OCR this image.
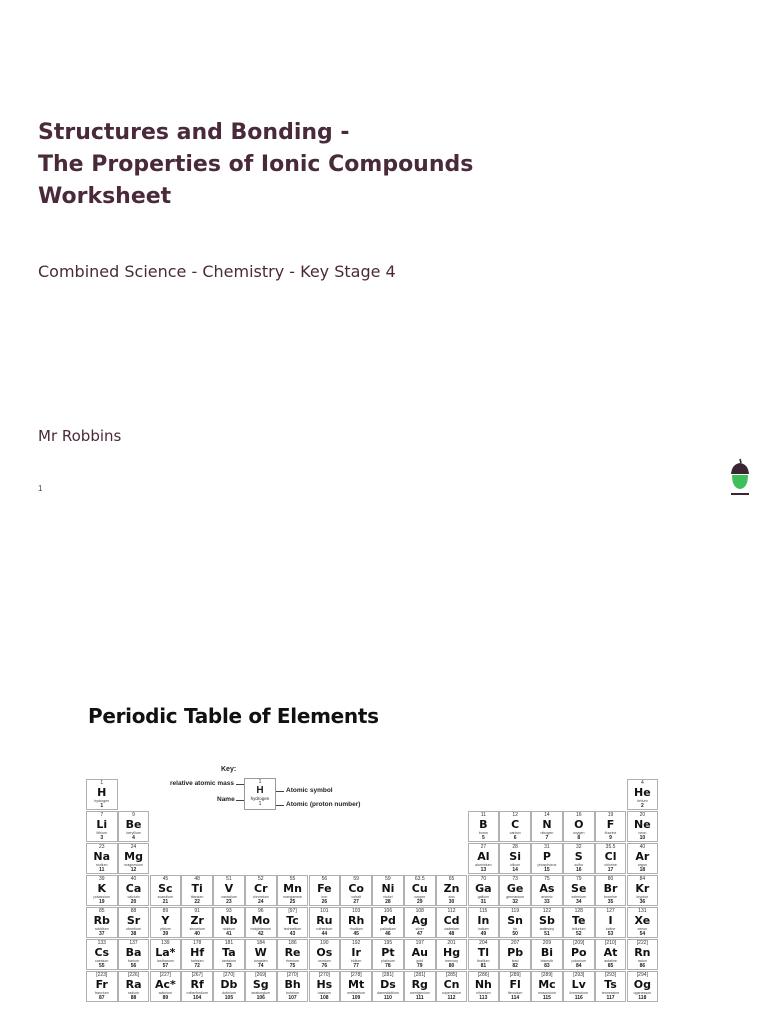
Structures and Bonding -
The Properties of Ionic Compounds
Worksheet
Combined Science - Chemistry - Key Stage 4
Mr Robbins
1
Periodic Table of Elements
Key:
relative atomic mass
Name
1
H
hydrogen
1
Atomic symbol
Atomic (proton number)
1
H
hydrogen
1
4
He
helium
2
7
Li
lithium
3
9
Be
beryllium
4
11
B
boron
5
12
C
carbon
6
14
N
nitrogen
7
16
O
oxygen
8
19
F
fluorine
9
20
Ne
neon
10
23
Na
sodium
11
24
Mg
magnesium
12
27
Al
aluminium
13
28
Si
silicon
14
31
P
phosphorus
15
32
S
sulfur
16
35.5
Cl
chlorine
17
40
Ar
argon
18
39
K
potassium
19
40
Ca
calcium
20
45
Sc
scandium
21
48
Ti
titanium
22
51
V
vanadium
23
52
Cr
chromium
24
55
Mn
manganese
25
56
Fe
iron
26
59
Co
cobalt
27
59
Ni
nickel
28
63.5
Cu
copper
29
65
Zn
zinc
30
70
Ga
gallium
31
73
Ge
germanium
32
75
As
arsenic
33
79
Se
selenium
34
80
Br
bromine
35
84
Kr
krypton
36
85
Rb
rubidium
37
88
Sr
strontium
38
89
Y
yttrium
39
91
Zr
zirconium
40
93
Nb
niobium
41
96
Mo
molybdenum
42
[97]
Tc
technetium
43
101
Ru
ruthenium
44
103
Rh
rhodium
45
106
Pd
palladium
46
108
Ag
silver
47
112
Cd
cadmium
48
115
In
indium
49
119
Sn
tin
50
122
Sb
antimony
51
128
Te
tellurium
52
127
I
iodine
53
131
Xe
xenon
54
133
Cs
caesium
55
137
Ba
barium
56
139
La*
lanthanum
57
178
Hf
hafnium
72
181
Ta
tantalum
73
184
W
tungsten
74
186
Re
rhenium
75
190
Os
osmium
76
192
Ir
iridium
77
195
Pt
platinum
78
197
Au
gold
79
201
Hg
mercury
80
204
Tl
thallium
81
207
Pb
lead
82
209
Bi
bismuth
83
[209]
Po
polonium
84
[210]
At
astatine
85
[222]
Rn
radon
86
[223]
Fr
francium
87
[226]
Ra
radium
88
[227]
Ac*
actinium
89
[267]
Rf
rutherfordium
104
[270]
Db
dubnium
105
[269]
Sg
seaborgium
106
[270]
Bh
bohrium
107
[270]
Hs
hassium
108
[278]
Mt
meitnerium
109
[281]
Ds
darmstadtium
110
[281]
Rg
roentgenium
111
[285]
Cn
copernicium
112
[286]
Nh
nihonium
113
[289]
Fl
flerovium
114
[289]
Mc
moscovium
115
[293]
Lv
livermorium
116
[293]
Ts
tennessine
117
[294]
Og
oganesson
118
